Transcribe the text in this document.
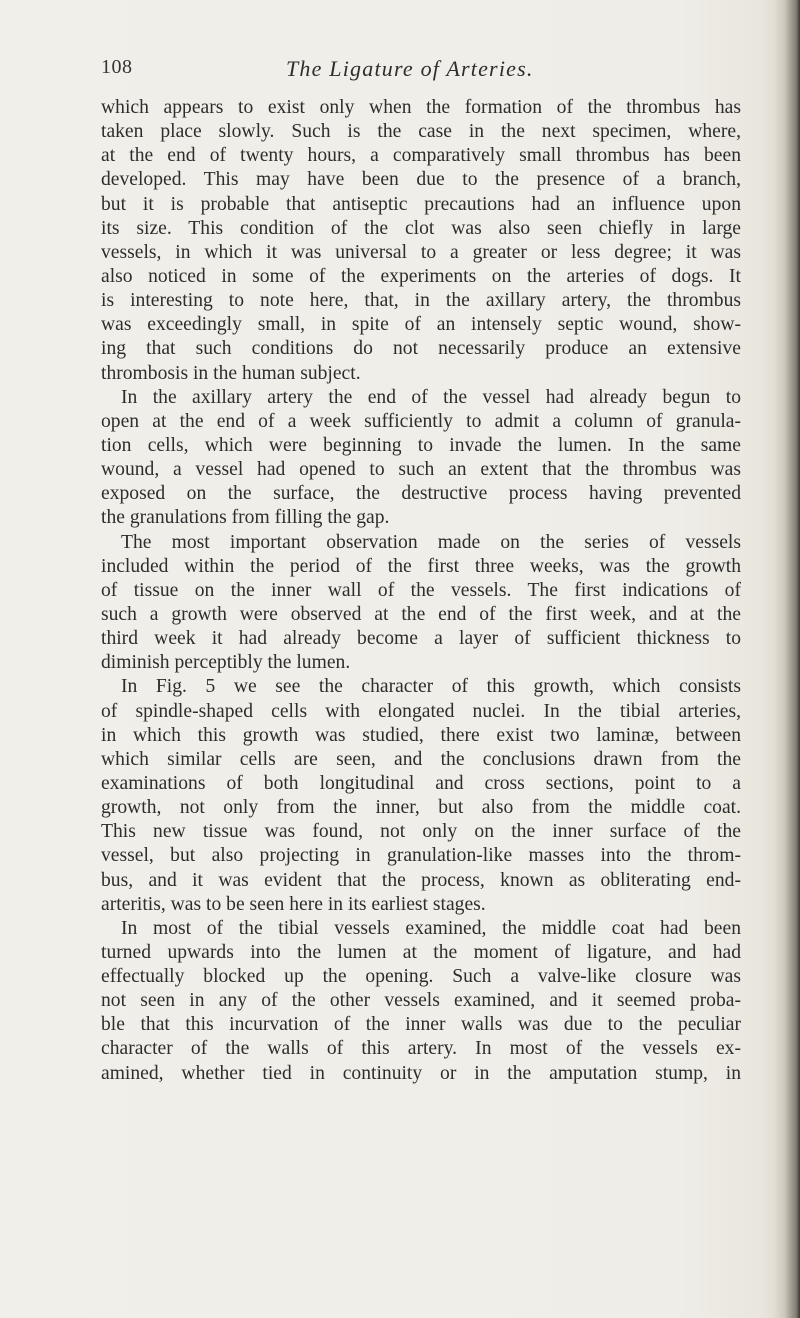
108	The Ligature of Arteries.
which appears to exist only when the formation of the thrombus has
taken place slowly. Such is the case in the next specimen, where,
at the end of twenty hours, a comparatively small thrombus has been
developed. This may have been due to the presence of a branch,
but it is probable that antiseptic precautions had an influence upon
its size. This condition of the clot was also seen chiefly in large
vessels, in which it was universal to a greater or less degree; it was
also noticed in some of the experiments on the arteries of dogs. It
is interesting to note here, that, in the axillary artery, the thrombus
was exceedingly small, in spite of an intensely septic wound, show-
ing that such conditions do not necessarily produce an extensive
thrombosis in the human subject.
In the axillary artery the end of the vessel had already begun to
open at the end of a week sufficiently to admit a column of granula-
tion cells, which were beginning to invade the lumen. In the same
wound, a vessel had opened to such an extent that the thrombus was
exposed on the surface, the destructive process having prevented
the granulations from filling the gap.
The most important observation made on the series of vessels
included within the period of the first three weeks, was the growth
of tissue on the inner wall of the vessels. The first indications of
such a growth were observed at the end of the first week, and at the
third week it had already become a layer of sufficient thickness to
diminish perceptibly the lumen.
In Fig. 5 we see the character of this growth, which consists
of spindle-shaped cells with elongated nuclei. In the tibial arteries,
in which this growth was studied, there exist two laminæ, between
which similar cells are seen, and the conclusions drawn from the
examinations of both longitudinal and cross sections, point to a
growth, not only from the inner, but also from the middle coat.
This new tissue was found, not only on the inner surface of the
vessel, but also projecting in granulation-like masses into the throm-
bus, and it was evident that the process, known as obliterating end-
arteritis, was to be seen here in its earliest stages.
In most of the tibial vessels examined, the middle coat had been
turned upwards into the lumen at the moment of ligature, and had
effectually blocked up the opening. Such a valve-like closure was
not seen in any of the other vessels examined, and it seemed proba-
ble that this incurvation of the inner walls was due to the peculiar
character of the walls of this artery. In most of the vessels ex-
amined, whether tied in continuity or in the amputation stump, in
